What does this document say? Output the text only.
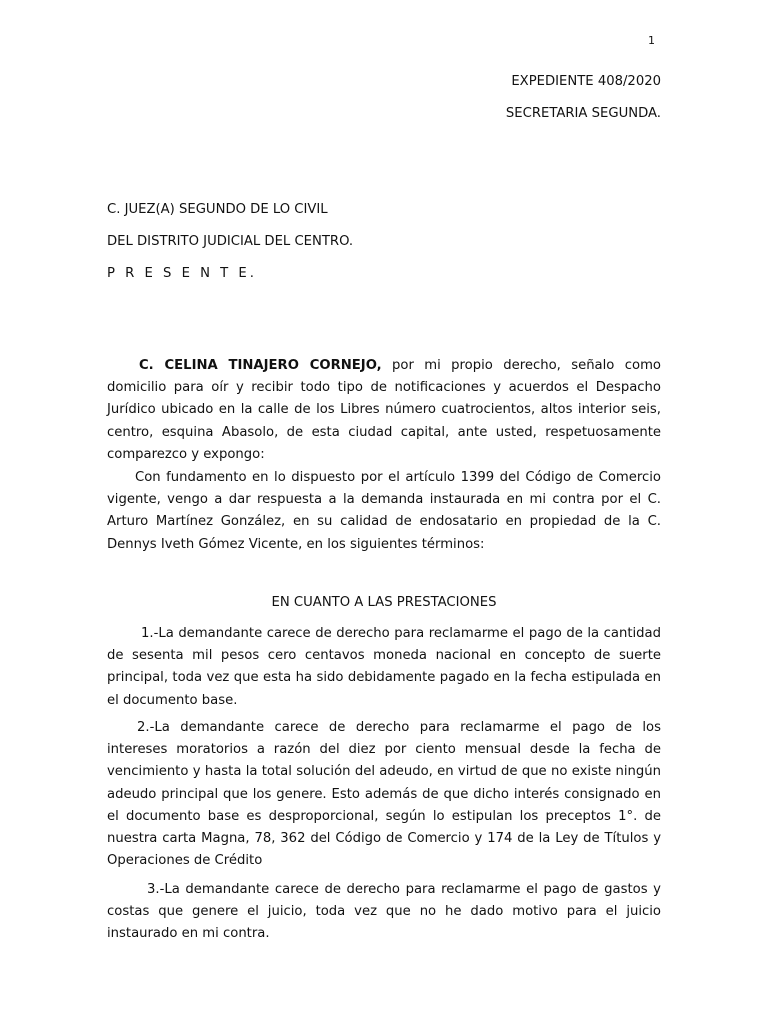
1
EXPEDIENTE 408/2020
SECRETARIA SEGUNDA.
C. JUEZ(A) SEGUNDO DE LO CIVIL
DEL DISTRITO JUDICIAL DEL CENTRO.
P R E S E N T E.

C. CELINA TINAJERO CORNEJO, por mi propio derecho, señalo como domicilio para oír y recibir todo tipo de notificaciones y acuerdos el Despacho Jurídico ubicado en la calle de los Libres número cuatrocientos, altos interior seis, centro, esquina Abasolo, de esta ciudad capital, ante usted, respetuosamente comparezco y expongo:

Con fundamento en lo dispuesto por el artículo 1399 del Código de Comercio vigente, vengo a dar respuesta a la demanda instaurada en mi contra por el C. Arturo Martínez González, en su calidad de endosatario en propiedad de la C. Dennys Iveth Gómez Vicente, en los siguientes términos:

EN CUANTO A LAS PRESTACIONES

1.-La demandante carece de derecho para reclamarme el pago de la cantidad de sesenta mil pesos cero centavos moneda nacional en concepto de suerte principal, toda vez que esta ha sido debidamente pagado en la fecha estipulada en el documento base.

2.-La demandante carece de derecho para reclamarme el pago de los intereses moratorios a razón del diez por ciento mensual desde la fecha de vencimiento y hasta la total solución del adeudo, en virtud de que no existe ningún adeudo principal que los genere. Esto además de que dicho interés consignado en el documento base es desproporcional, según lo estipulan los preceptos 1°. de nuestra carta Magna, 78, 362 del Código de Comercio y 174 de la Ley de Títulos y Operaciones de Crédito

3.-La demandante carece de derecho para reclamarme el pago de gastos y costas que genere el juicio, toda vez que no he dado motivo para el juicio instaurado en mi contra.
